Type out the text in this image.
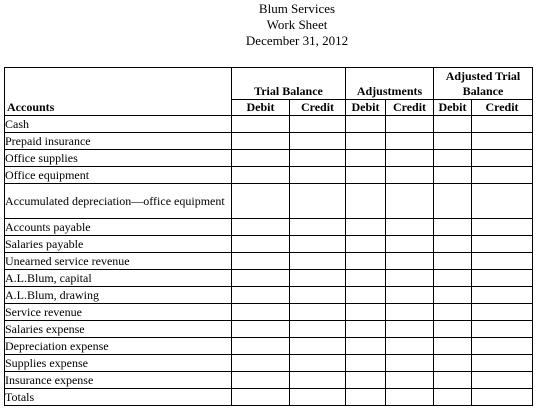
Blum Services
Work Sheet
December 31, 2012
Accounts	Trial Balance		Adjustments		Adjusted Trial
Balance	
	Debit	Credit	Debit	Credit	Debit	Credit
Cash						
Prepaid insurance						
Office supplies						
Office equipment						
Accumulated depreciation—office equipment						
Accounts payable						
Salaries payable						
Unearned service revenue						
A.L.Blum, capital						
A.L.Blum, drawing						
Service revenue						
Salaries expense						
Depreciation expense						
Supplies expense						
Insurance expense						
Totals						
